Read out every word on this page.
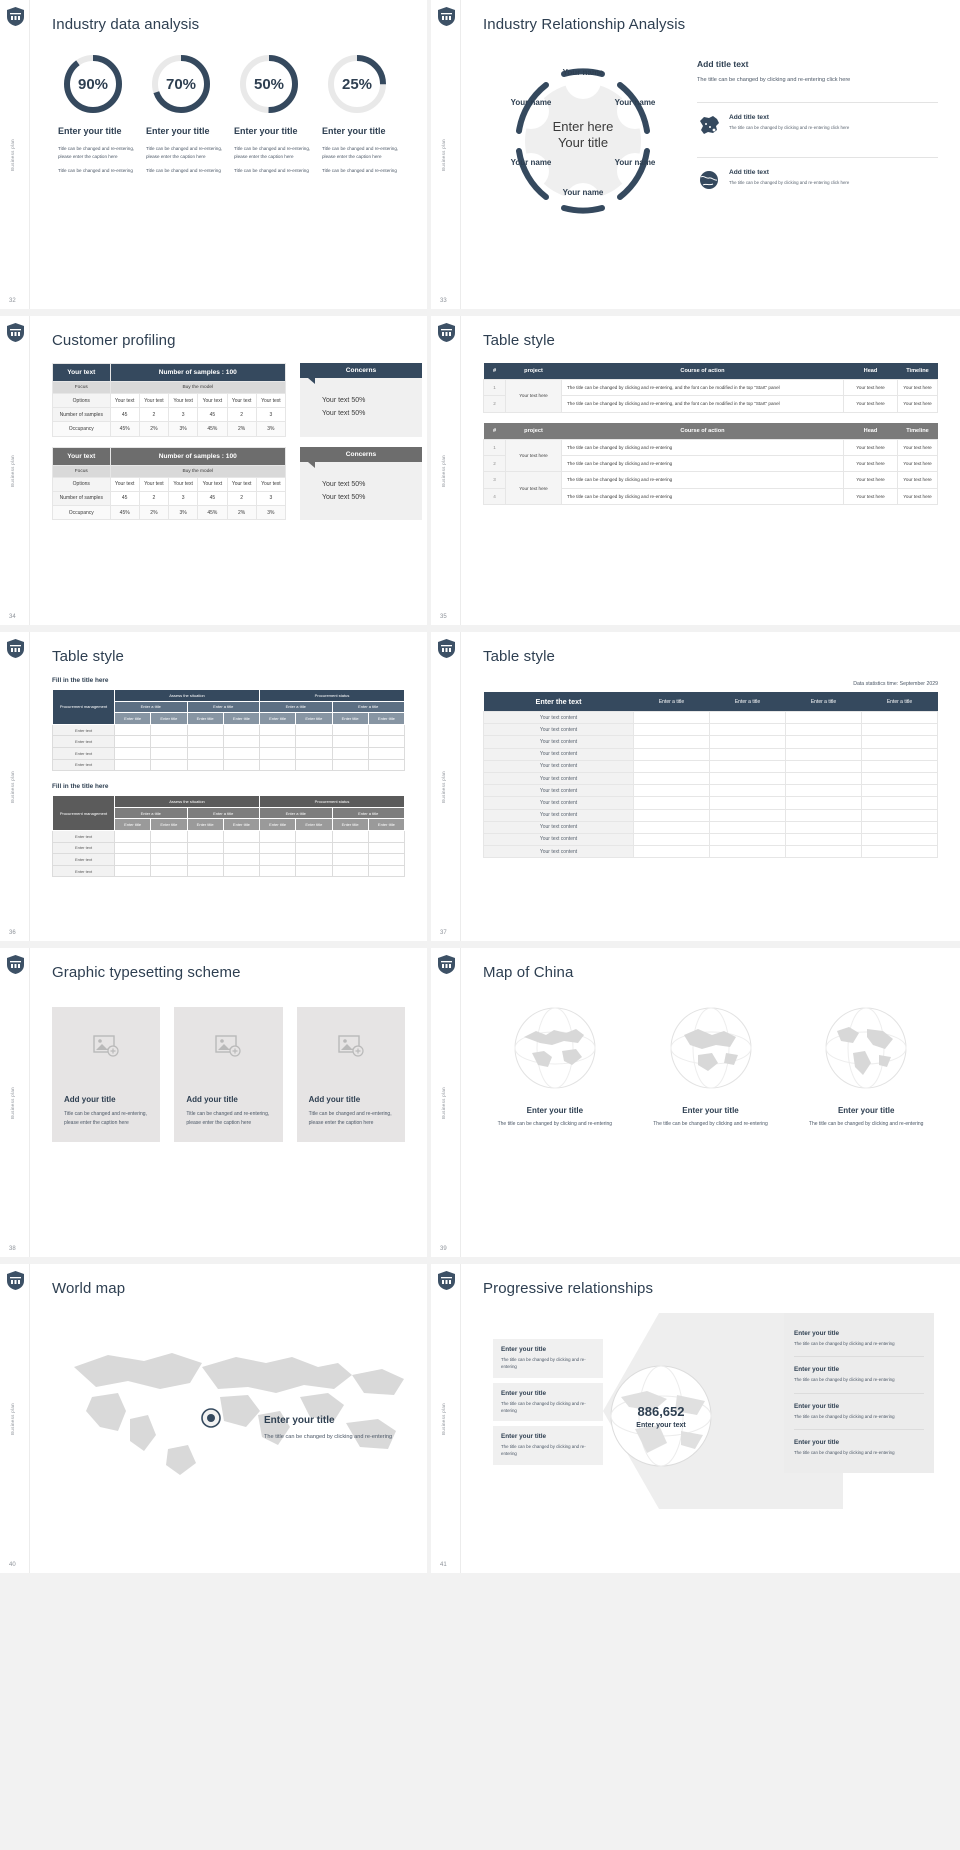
Business plan
32
Industry data analysis
90%
Enter your title
Title can be changed and re-entering, please enter the caption here
Title can be changed and re-entering
70%
Enter your title
Title can be changed and re-entering, please enter the caption here
Title can be changed and re-entering
50%
Enter your title
Title can be changed and re-entering, please enter the caption here
Title can be changed and re-entering
25%
Enter your title
Title can be changed and re-entering, please enter the caption here
Title can be changed and re-entering
Business plan
33
Industry Relationship Analysis
Enter here
Your title
Your name
Your name
Your name
Your name
Your name
Your name
Add title text

The title can be changed by clicking and re-entering click here

Add title text

The title can be changed by clicking and re-entering click here

Add title text

The title can be changed by clicking and re-entering click here

Business plan
34
Customer profiling
Your text	Number of samples : 100					
Focus	Buy the model					
Options	Your text	Your text	Your text	Your text	Your text	Your text
Number of samples	45	2	3	45	2	3
Occupancy	45%	2%	3%	45%	2%	3%
Concerns
Your text 50%
Your text 50%
Your text	Number of samples : 100					
Focus	Buy the model					
Options	Your text	Your text	Your text	Your text	Your text	Your text
Number of samples	45	2	3	45	2	3
Occupancy	45%	2%	3%	45%	2%	3%
Concerns
Your text 50%
Your text 50%
Business plan
35
Table style
#	project	Course of action	Head	Timeline
1	Your text here	The title can be changed by clicking and re-entering, and the font can be modified in the top "Start" panel	Your text here	Your text here
2		The title can be changed by clicking and re-entering, and the font can be modified in the top "Start" panel	Your text here	Your text here
#	project	Course of action	Head	Timeline
1	Your text here	The title can be changed by clicking and re-entering	Your text here	Your text here
2		The title can be changed by clicking and re-entering	Your text here	Your text here
3	Your text here	The title can be changed by clicking and re-entering	Your text here	Your text here
4		The title can be changed by clicking and re-entering	Your text here	Your text here
Business plan
36
Table style
Fill in the title here
Procurement management	Assess the situation				Procurement status			
	Enter a title		Enter a title		Enter a title		Enter a title	
	Enter title	Enter title	Enter title	Enter title	Enter title	Enter title	Enter title	Enter title
Enter text								
Enter text								
Enter text								
Enter text								
Fill in the title here
Procurement management	Assess the situation				Procurement status			
	Enter a title		Enter a title		Enter a title		Enter a title	
	Enter title	Enter title	Enter title	Enter title	Enter title	Enter title	Enter title	Enter title
Enter text								
Enter text								
Enter text								
Enter text								
Business plan
37
Table style
Data statistics time: September 2029
Enter the text	Enter a title	Enter a title	Enter a title	Enter a title
Your text content				
Your text content				
Your text content				
Your text content				
Your text content				
Your text content				
Your text content				
Your text content				
Your text content				
Your text content				
Your text content				
Your text content				
Business plan
38
Graphic typesetting scheme
Add your title

Title can be changed and re-entering, please enter the caption here

Add your title

Title can be changed and re-entering, please enter the caption here

Add your title

Title can be changed and re-entering, please enter the caption here

Business plan
39
Map of China
Enter your title

The title can be changed by clicking and re-entering

Enter your title

The title can be changed by clicking and re-entering

Enter your title

The title can be changed by clicking and re-entering

Business plan
40
World map
Enter your title

The title can be changed by clicking and re-entering

Business plan
41
Progressive relationships
Enter your title

The title can be changed by clicking and re-entering

Enter your title

The title can be changed by clicking and re-entering

Enter your title

The title can be changed by clicking and re-entering

886,652
Enter your text
Enter your title

The title can be changed by clicking and re-entering

Enter your title

The title can be changed by clicking and re-entering

Enter your title

The title can be changed by clicking and re-entering

Enter your title

The title can be changed by clicking and re-entering
